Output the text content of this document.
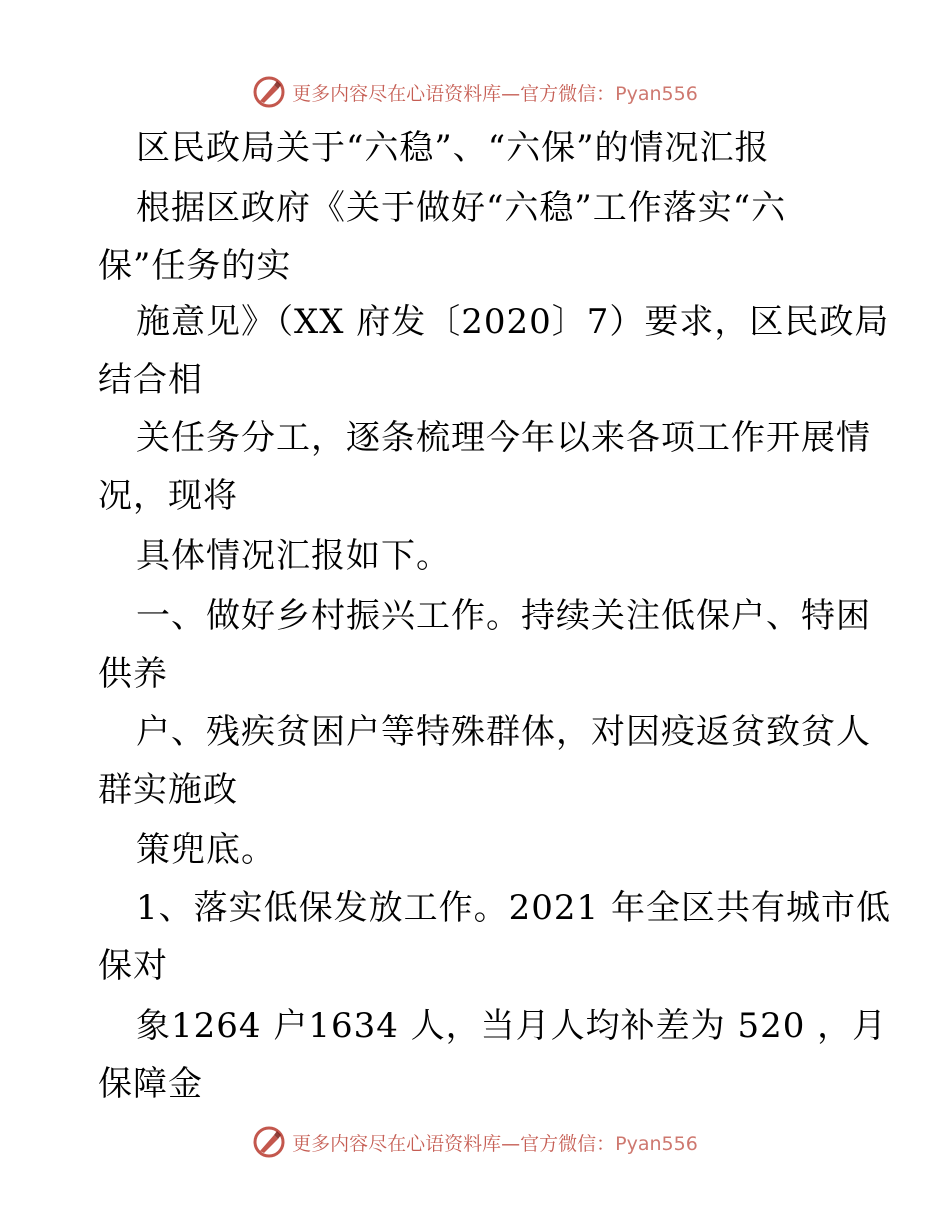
更多内容尽在心语资料库—官方微信：Pyan556
区民政局关于“六稳”、“六保”的情况汇报
根据区政府《关于做好“六稳”工作落实“六
保”任务的实
施意见》（XX 府发〔2020〕7）要求，区民政局
结合相
关任务分工，逐条梳理今年以来各项工作开展情
况，现将
具体情况汇报如下。
一、做好乡村振兴工作。持续关注低保户、特困
供养
户、残疾贫困户等特殊群体，对因疫返贫致贫人
群实施政
策兜底。
1、落实低保发放工作。2021 年全区共有城市低
保对
象1264 户1634 人，当月人均补差为 520 ，月
保障金
更多内容尽在心语资料库—官方微信：Pyan556
